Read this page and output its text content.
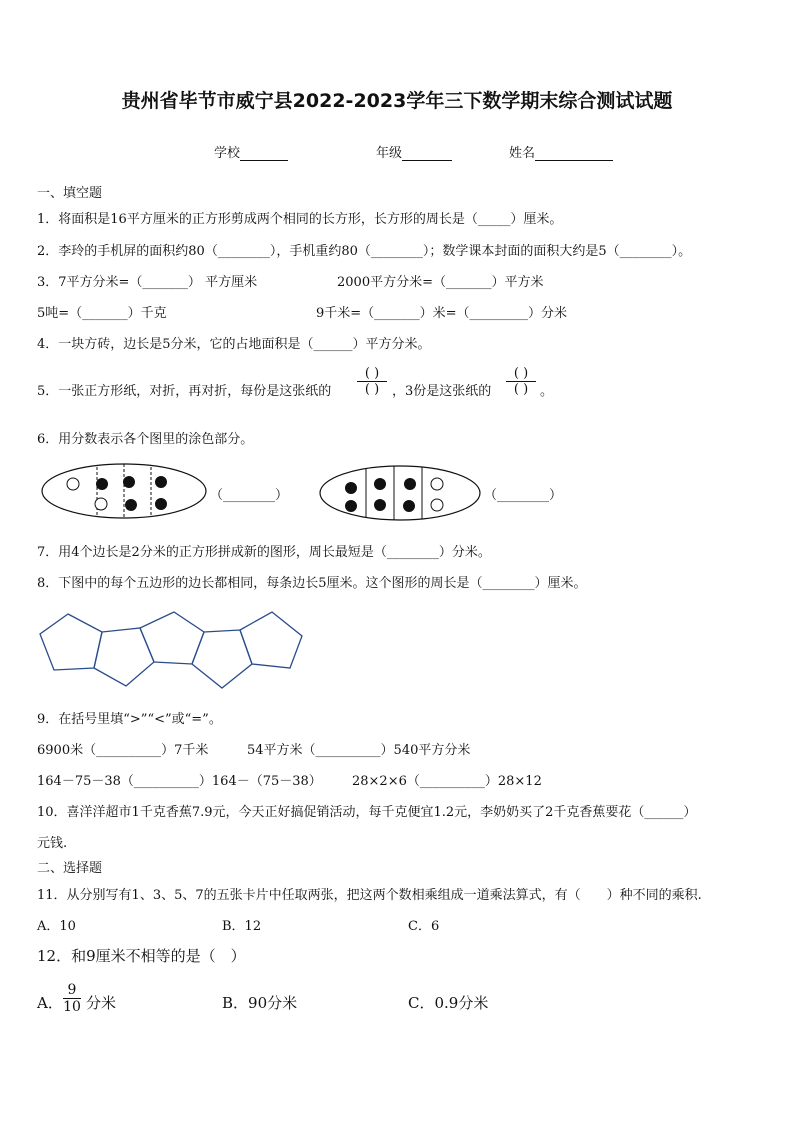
贵州省毕节市威宁县2022-2023学年三下数学期末综合测试试题
学校	年级	姓名
一、填空题
1．将面积是16平方厘米的正方形剪成两个相同的长方形，长方形的周长是（_____）厘米。
2．李玲的手机屏的面积约80（________），手机重约80（________）；数学课本封面的面积大约是5（________）。
3．7平方分米=（_______） 平方厘米	2000平方分米=（_______）平方米
5吨=（_______）千克	9千米=（_______）米=（_________）分米
4．一块方砖，边长是5分米，它的占地面积是（______）平方分米。
5．一张正方形纸，对折，再对折，每份是这张纸的
( )
( ) ，3份是这张纸的
( )
( ) 。
6．用分数表示各个图里的涂色部分。
（________）	（________）
7．用4个边长是2分米的正方形拼成新的图形，周长最短是（________）分米。
8．下图中的每个五边形的边长都相同，每条边长5厘米。这个图形的周长是（________）厘米。
9．在括号里填“>”“<”或“=”。
6900米（__________）7千米	54平方米（__________）540平方分米
164－75－38（__________）164－（75－38） 28×2×6（__________）28×12
10．喜洋洋超市1千克香蕉7.9元，今天正好搞促销活动，每千克便宜1.2元，李奶奶买了2千克香蕉要花（______）
元钱.
二、选择题
11．从分别写有1、3、5、7的五张卡片中任取两张，把这两个数相乘组成一道乘法算式，有（　　）种不同的乘积.
A．10	B．12	C．6
12．和9厘米不相等的是（　）
A．
9
10 分米	B．90分米	C．0.9分米
